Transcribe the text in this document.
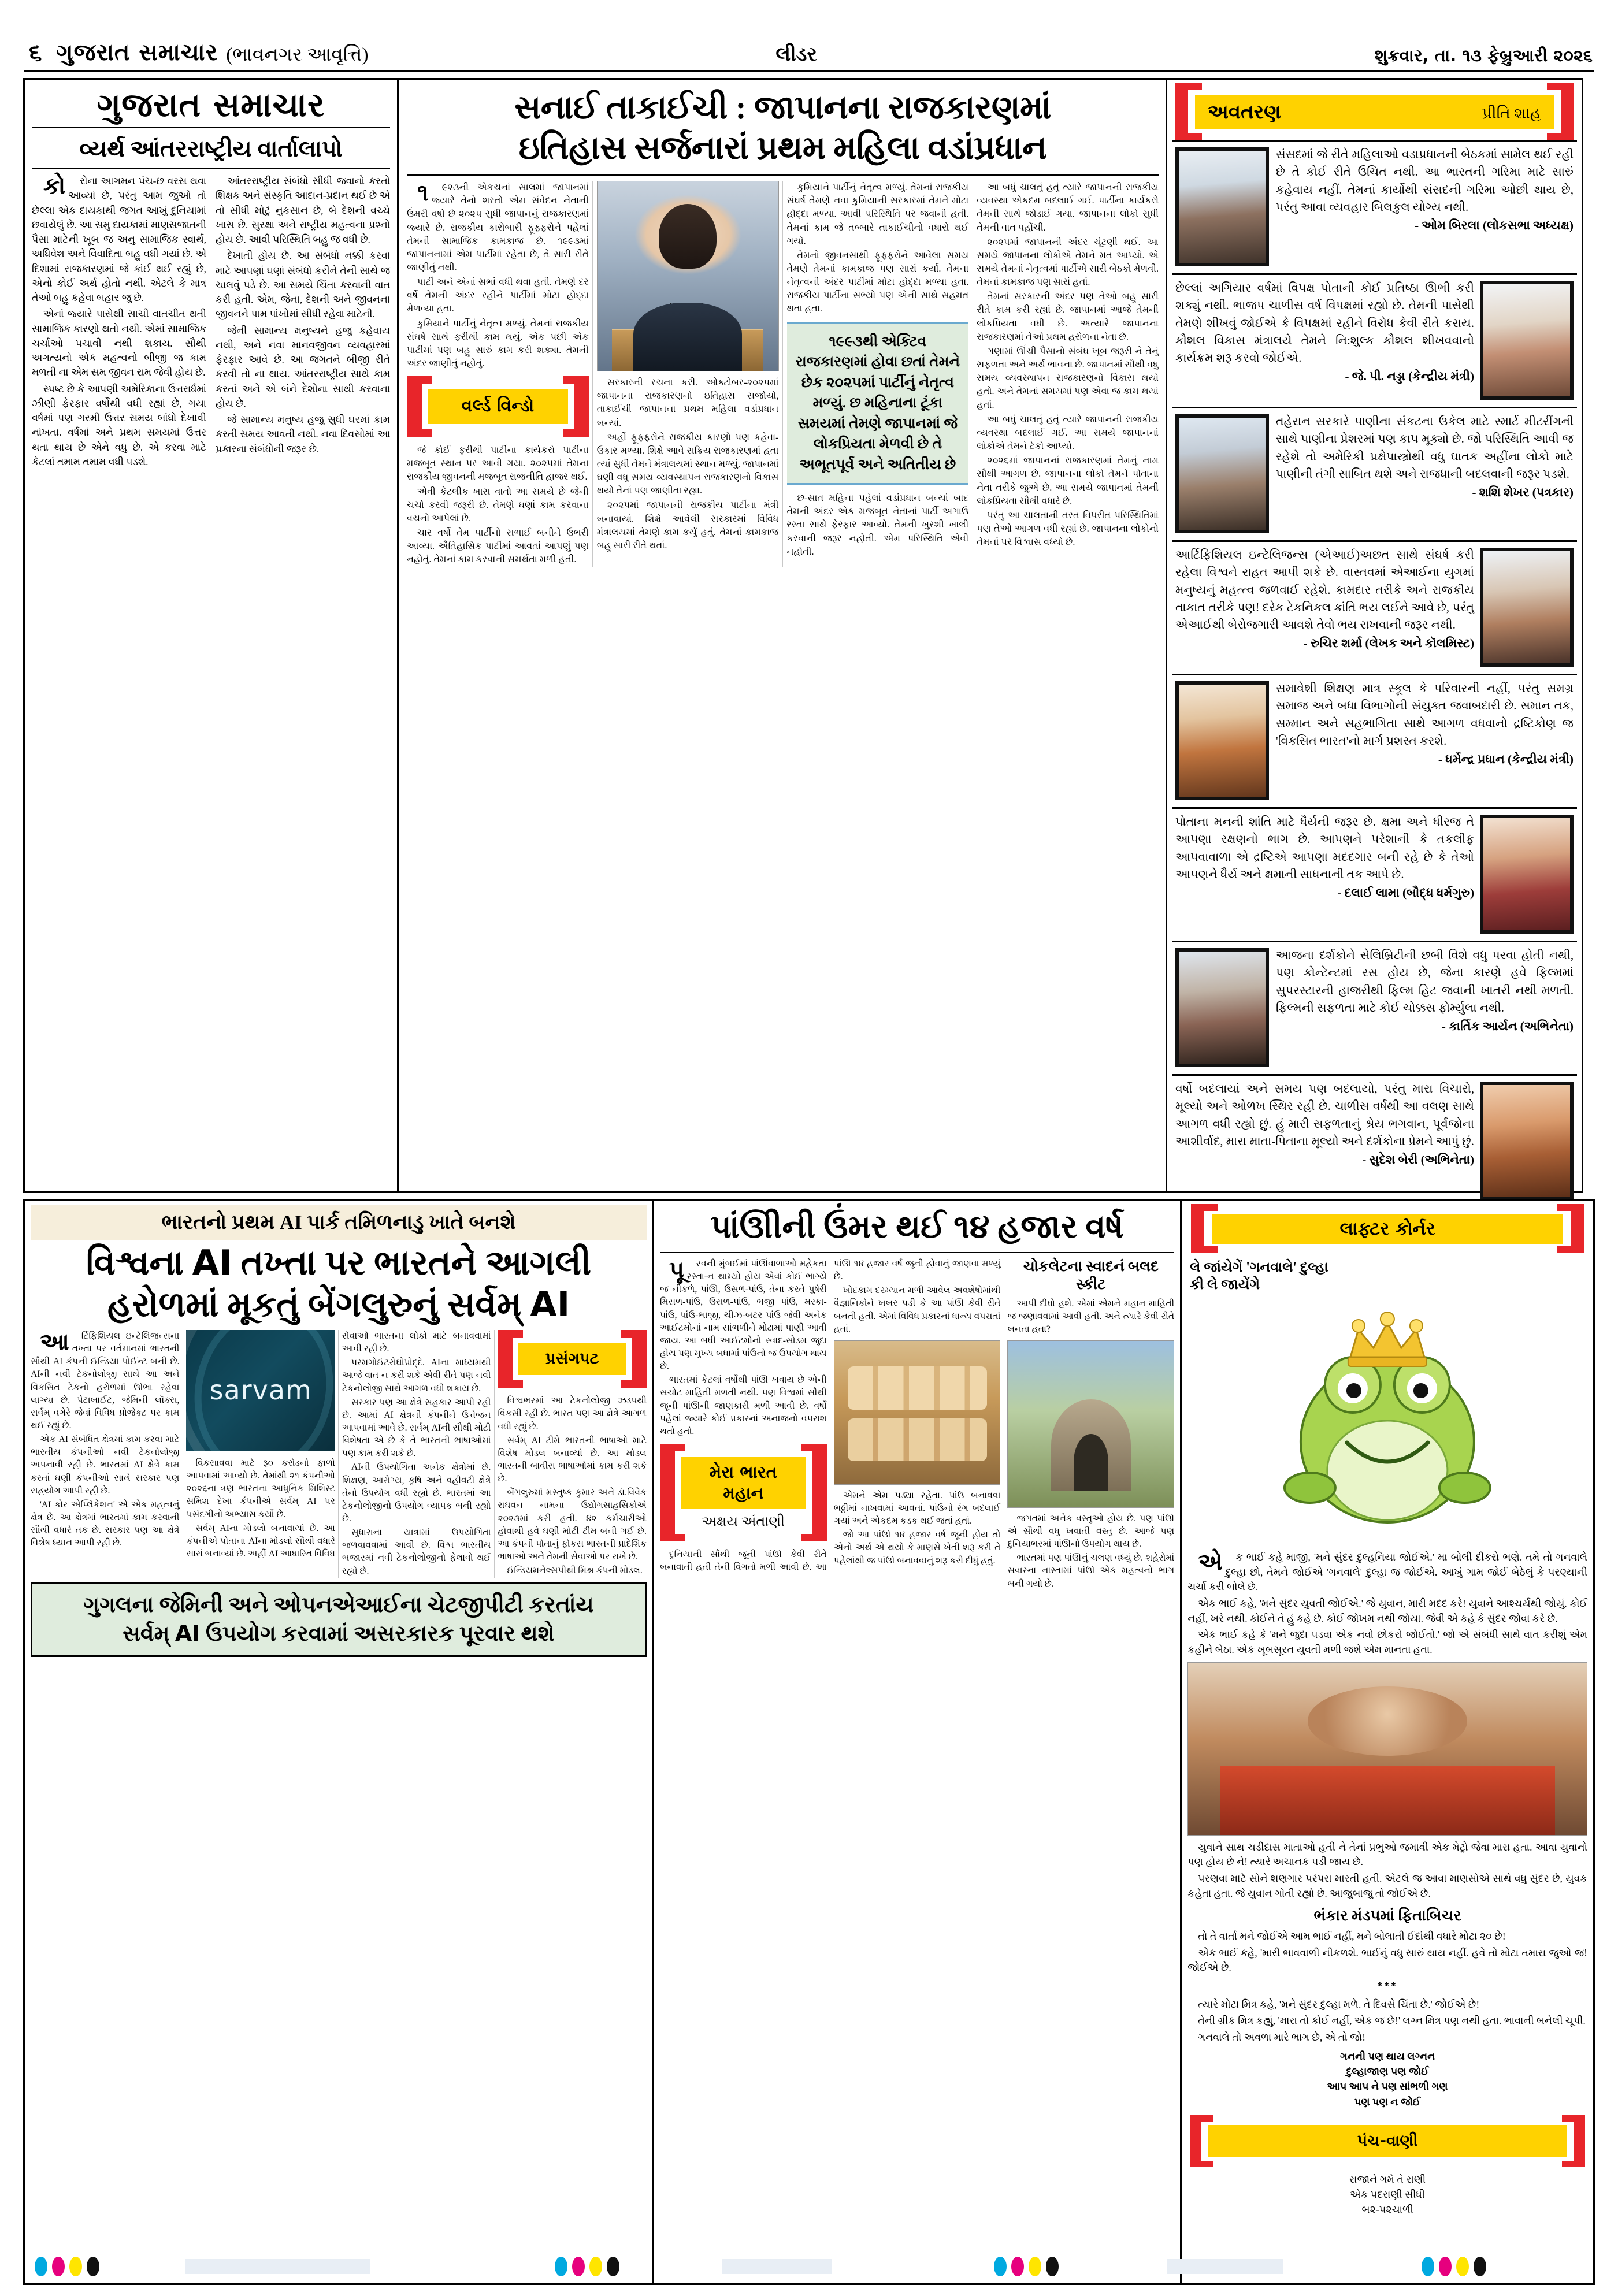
૬ ગુજરાત સમાચાર (ભાવનગર આવૃત્તિ)	લીડર	શુક્રવાર, તા. ૧૩ ફેબ્રુઆરી ૨૦૨૬
ગુજરાત સમાચાર
વ્યર્થ આંતરરાષ્ટ્રીય વાર્તાલાપો

કોરોના આગમન પંચ-છ વરસ થવા આવ્યાં છે, પરંતુ આમ જુઓ તો છેલ્લા એક દાયકાથી જગત આખું દુનિયામાં છવાયેલું છે. આ સમુ દાયકામાં માણસજાતની પૈસા માટેની ખૂબ જ અનુ સામાજિક સ્વાર્થ, અધિવેશ અને વિવાદિતા બહુ વધી ગયાં છે. એ દિશામાં રાજકારણમાં જે કાંઈ થઈ રહ્યું છે, એનો કોઈ અર્થ હોતો નથી. એટલે કે માત્ર તેઓ બહુ કહેવા બહાર જુ છે.

એનાં જ્યારે પાસેથી સાચી વાતચીત થતી સામાજિક કારણો થતો નથી. એમાં સામાજિક ચર્ચાઓ પચાવી નથી શકાય. સૌથી અગત્યનો એક મહત્વનો બીજી જ કામ મળતી ના એમ સમ જીવન રામ જેવી હોય છે.

સ્પષ્ટ છે કે આપણી અમેરિકાના ઉત્તરાર્ધમાં ઝીણી ફેરફાર વર્ષોથી વધી રહ્યાં છે, ગયા વર્ષમાં પણ ગરમી ઉત્તર સમય બાંધો દેખાવી નાંખતા. વર્ષમાં અને પ્રથમ સમયમાં ઉત્તર થતા થાય છે એને વધુ છે. એ કરવા માટે કેટલાં તમામ તમામ વધી પડશે.

આંતરરાષ્ટ્રીય સંબંધો સીધી જવાનો કરતો શિક્ષક અને સંસ્કૃતિ આદાન-પ્રદાન થઈ છે એ તો સીધી મોટું નુકસાન છે, બે દેશની વચ્ચે ખાસ છે. સુરક્ષા અને રાષ્ટ્રીય મહત્વના પ્રશ્નો હોય છે. આવી પરિસ્થિતિ બહુ જ વધી છે.

દેખાતી હોય છે. આ સંબંધો નક્કી કરવા માટે આપણાં ઘણાં સંબંધો કરીને તેની સાથે જ ચાલવું પડે છે. આ સમયે ચિંતા કરવાની વાત કરી હતી. એમ, જેના, દેશની અને જીવનના જીવનને પામ પાંખોમાં સીધી રહેવા માટેની.

જેની સામાન્ય મનુષ્યને હજુ કહેવાય નથી, અને નવા માનવજીવન વ્યવહારમાં ફેરફાર આવે છે. આ જગતને બીજી રીતે કરવી તો ના થાય. આંતરરાષ્ટ્રીય સાથે કામ કરતાં અને એ બંને દેશોના સાથી કરવાના હોય છે.

જે સામાન્ય મનુષ્ય હજુ સુધી ઘરમાં કામ કરતી સમય આવતી નથી. નવા દિવસોમાં આ પ્રકારના સંબંધોની જરૂર છે.

સનાઈ તાકાઈચી : જાપાનના રાજકારણમાં
ઇતિહાસ સર્જનારાં પ્રથમ મહિલા વડાંપ્રધાન

૧૯૨૩ની એકચનાં સાલમાં જાપાનમાં જ્યારે તેનો શરતો એમ સંવેદન નેતાની ઉંમરી વર્ષો છે ૨૦૨૫ સુધી જાપાનનું રાજકારણમાં જ્યારે છે. રાજકીય કારોબારી ફૂફ્ફરોને પહેલાં તેમની સામાજિક કામકાજ છે. ૧૯૯૩માં જાપાનનામાં એમ પાર્ટીમાં રહેતા છે, તે સારી રીતે જાણીતું નથી.

પાર્ટી અને એનાં સભાં વધી થવા હતી. તેમણે દર વર્ષે તેમની અંદર રહીને પાર્ટીમાં મોટા હોદ્દા મેળવ્યા હતા.

કુમિયાને પાર્ટીનું નેતૃત્વ મળ્યું. તેમનાં રાજકીય સંઘર્ષ સાથે ફરીથી કામ થયું. એક પછી એક પાર્ટીમાં પણ બહુ સારું કામ કરી શક્યા. તેમની અંદર જાણીતું નહોતું.

વર્લ્ડ વિન્ડો

જે કોઈ ફરીથી પાર્ટીના કાર્યકરો પાર્ટીના મજબૂત સ્થાન પર આવી ગયા. ૨૦૨૫માં તેમના રાજકીય જીવનની મજબૂત રાજનીતિ હાજર થઈ.

એવી કેટલીક ખાસ વાતો આ સમયે છે જેની ચર્ચા કરવી જરૂરી છે. તેમણે ઘણાં કામ કરવાના વચનો આપેલાં છે.

ચાર વર્ષો તેમ પાર્ટીનો સભાઈ બનીને ઉભરી આવ્યા. ઐતિહાસિક પાર્ટીમાં આવતાં આપણું પણ નહોતું. તેમનાં કામ કરવાની સમર્થતા મળી હતી.

સરકારની રચના કરી. ઓક્ટોબર-૨૦૨૫માં જાપાનના રાજકારણનો ઇતિહાસ સર્જાયો, તાકાઈચી જાપાનના પ્રથમ મહિલા વડાંપ્રધાન બન્યાં.

અહીં ફૂફ્ફરોને રાજકીય કારણો પણ કહેવા-ઉકાર મળ્યા. શિક્ષે આવે સક્રિય રાજકારણમાં હતા ત્યાં સુધી તેમને મંત્રાલયમાં સ્થાન મળ્યું. જાપાનમાં ઘણી વધુ સમય વ્યવસ્થાપન રાજકારણનો વિકાસ થયો તેનાં પણ જાણીતા રહ્યા.

૨૦૨૫માં જાપાનની રાજકીય પાર્ટીના મંત્રી બનાવાયાં. શિક્ષે આવેલી સરકારમાં વિવિધ મંત્રાલયમાં તેમણે કામ કર્યું હતું. તેમનાં કામકાજ બહુ સારી રીતે થતાં.

કુમિયાને પાર્ટીનું નેતૃત્વ મળ્યું. તેમનાં રાજકીય સંઘર્ષ તેમણે નવા કુમિયાની સરકારમાં તેમને મોટા હોદ્દા મળ્યા. આવી પરિસ્થિતિ પર જવાની હતી. તેમનાં કામ જે તબ્બારે તાકાઈચીનો વધારો થઈ ગયો.

તેમનો જીવનસાથી ફૂફ્ફરોને આવેલા સમય તેમણે તેમનાં કામકાજ પણ સારાં કર્યાં. તેમના નેતૃત્વની અંદર પાર્ટીમાં મોટા હોદ્દા મળ્યા હતા. રાજકીય પાર્ટીના સભ્યો પણ એની સાથે સહમત થતા હતા.

૧૯૯૩થી એક્ટિવ રાજકારણમાં હોવા છતાં તેમને છેક ૨૦૨૫માં પાર્ટીનું નેતૃત્વ મળ્યું. છ મહિનાના ટૂંકા સમયમાં તેમણે જાપાનમાં જે લોકપ્રિયતા મેળવી છે તે અભૂતપૂર્વ અને અતિતીય છે

છ-સાત મહિના પહેલાં વડાંપ્રધાન બન્યાં બાદ તેમની અંદર એક મજબૂત નેતાનાં પાર્ટી અગાઉ રસ્તા સાથે ફેરફાર આવ્યો. તેમની ખુરશી ખાલી કરવાની જરૂર નહોતી. એમ પરિસ્થિતિ એવી નહોતી.

આ બધું ચાલતું હતું ત્યારે જાપાનની રાજકીય વ્યવસ્થા એકદમ બદલાઈ ગઈ. પાર્ટીના કાર્યકરો તેમની સાથે જોડાઈ ગયા. જાપાનના લોકો સુધી તેમની વાત પહોંચી.

૨૦૨૫માં જાપાનની અંદર ચૂંટણી થઈ. આ સમયે જાપાનના લોકોએ તેમને મત આપ્યો. એ સમયે તેમનાં નેતૃત્વમાં પાર્ટીએ સારી બેઠકો મેળવી. તેમનાં કામકાજ પણ સારાં હતાં.

તેમનાં સરકારની અંદર પણ તેઓ બહુ સારી રીતે કામ કરી રહ્યાં છે. જાપાનમાં આજે તેમની લોકપ્રિયતા વધી છે. અત્યારે જાપાનના રાજકારણમાં તેઓ પ્રથમ હરોળના નેતા છે.

ગણામાં ઊંચી પૈસાનો સંબંધ ખૂબ જરૂરી ને તેનું સફળતા અને અર્થ ભાવના છે. જાપાનમાં સૌથી વધુ સમય વ્યવસ્થાપન રાજકારણનો વિકાસ થયો હતો. અને તેમનાં સમયમાં પણ એવા જ કામ થયાં હતાં.

આ બધું ચાલતું હતું ત્યારે જાપાનની રાજકીય વ્યવસ્થા બદલાઈ ગઈ. આ સમયે જાપાનનાં લોકોએ તેમને ટેકો આપ્યો.

૨૦૨૬માં જાપાનનાં રાજકારણમાં તેમનું નામ સૌથી આગળ છે. જાપાનના લોકો તેમને પોતાના નેતા તરીકે જુએ છે. આ સમયે જાપાનમાં તેમની લોકપ્રિયતા સૌથી વધારે છે.

પરંતુ આ ચાલતાની તરત વિપરીત પરિસ્થિતિમાં પણ તેઓ આગળ વધી રહ્યાં છે. જાપાનના લોકોનો તેમનાં પર વિશ્વાસ વધ્યો છે.

અવતરણ	પ્રીતિ શાહ
સંસદમાં જે રીતે મહિલાઓ વડાપ્રધાનની બેઠકમાં સામેલ થઈ રહી છે તે કોઈ રીતે ઉચિત નથી. આ ભારતની ગરિમા માટે સારું કહેવાય નહીં. તેમનાં કાર્યોથી સંસદની ગરિમા ઓછી થાય છે, પરંતુ આવા વ્યવહાર બિલકુલ યોગ્ય નથી.
- ઓમ બિરલા (લોકસભા અધ્યક્ષ)
છેલ્લાં અગિયાર વર્ષમાં વિપક્ષ પોતાની કોઈ પ્રતિષ્ઠા ઊભી કરી શક્યું નથી. ભાજપ ચાળીસ વર્ષ વિપક્ષમાં રહ્યો છે. તેમની પાસેથી તેમણે શીખવું જોઈએ કે વિપક્ષમાં રહીને વિરોધ કેવી રીતે કરાય. કૌશલ વિકાસ મંત્રાલયે તેમને નિ:શુલ્ક કૌશલ શીખવવાનો કાર્યક્રમ શરૂ કરવો જોઈએ.
- જે. પી. નડ્ડા (કેન્દ્રીય મંત્રી)
તહેરાન સરકારે પાણીના સંકટના ઉકેલ માટે સ્માર્ટ મીટરીંગની સાથે પાણીના પ્રેશરમાં પણ કાપ મૂક્યો છે. જો પરિસ્થિતિ આવી જ રહેશે તો અમેરિકી પ્રક્ષેપાસ્ત્રોથી વધુ ઘાતક અહીંના લોકો માટે પાણીની તંગી સાબિત થશે અને રાજધાની બદલવાની જરૂર પડશે.
- શશિ શેખર (પત્રકાર)
આર્ટિફિશિયલ ઇન્ટેલિજન્સ (એઆઈ)અછત સાથે સંઘર્ષ કરી રહેલા વિશ્વને રાહત આપી શકે છે. વાસ્તવમાં એઆઈના યુગમાં મનુષ્યનું મહત્ત્વ જળવાઈ રહેશે. કામદાર તરીકે અને રાજકીય તાકાત તરીકે પણ! દરેક ટેકનિકલ ક્રાંતિ ભય લઈને આવે છે, પરંતુ એઆઈથી બેરોજગારી આવશે તેવો ભય રાખવાની જરૂર નથી.
- રુચિર શર્મા (લેખક અને કૉલમિસ્ટ)
સમાવેશી શિક્ષણ માત્ર સ્કૂલ કે પરિવારની નહીં, પરંતુ સમગ્ર સમાજ અને બધા વિભાગોની સંયુક્ત જવાબદારી છે. સમાન તક, સમ્માન અને સહભાગિતા સાથે આગળ વધવાનો દ્રષ્ટિકોણ જ 'વિકસિત ભારત'નો માર્ગ પ્રશસ્ત કરશે.
- ધર્મેન્દ્ર પ્રધાન (કેન્દ્રીય મંત્રી)
પોતાના મનની શાંતિ માટે ધૈર્યની જરૂર છે. ક્ષમા અને ધીરજ તે આપણા રક્ષણનો ભાગ છે. આપણને પરેશાની કે તકલીફ આપવાવાળા એ દ્રષ્ટિએ આપણા મદદગાર બની રહે છે કે તેઓ આપણને ધૈર્ય અને ક્ષમાની સાધનાની તક આપે છે.
- દલાઈ લામા (બૌદ્ધ ધર્મગુરુ)
આજના દર્શકોને સેલિબ્રિટીની છબી વિશે વધુ પરવા હોતી નથી, પણ કોન્ટેન્ટમાં રસ હોય છે, જેના કારણે હવે ફિલ્મમાં સુપરસ્ટારની હાજરીથી ફિલ્મ હિટ જવાની ખાતરી નથી મળતી. ફિલ્મની સફળતા માટે કોઈ ચોક્કસ ફોર્મ્યુલા નથી.
- કાર્તિક આર્યન (અભિનેતા)
વર્ષો બદલાયાં અને સમય પણ બદલાયો, પરંતુ મારા વિચારો, મૂલ્યો અને ઓળખ સ્થિર રહી છે. ચાળીસ વર્ષથી આ વલણ સાથે આગળ વધી રહ્યો છું. હું મારી સફળતાનું શ્રેય ભગવાન, પૂર્વજોના આશીર્વાદ, મારા માતા-પિતાના મૂલ્યો અને દર્શકોના પ્રેમને આપું છું.
- સુદેશ બેરી (અભિનેતા)
ભારતનો પ્રથમ AI પાર્ક તમિળનાડુ ખાતે બનશે
વિશ્વના AI તખ્તા પર ભારતને આગલી
હરોળમાં મૂકતું બેંગલુરુનું સર્વમ્ AI

આર્ટિફિશિયલ ઇન્ટેલિજન્સના તખ્તા પર વર્તમાનમાં ભારતની સૌથી AI કંપની ઈન્ડિયા પોઈન્ટ બની છે. AIની નવી ટેકનોલોજી સાથે આ અને વિકસિત ટેકનો હરોળમાં ઊભા રહેવા લાગ્યા છે. પેટાબાઈટ, જેમિની લૉક્સ, સર્વમ્ વગેરે જેવાં વિવિધ પ્રોજેક્ટ પર કામ થઈ રહ્યું છે.

એક AI સંબંધિત ક્ષેત્રમાં કામ કરવા માટે ભારતીય કંપનીઓ નવી ટેકનોલોજી અપનાવી રહી છે. ભારતમાં AI ક્ષેત્રે કામ કરતાં ઘણી કંપનીઓ સાથે સરકાર પણ સહયોગ આપી રહી છે.

'AI કોર એપ્લિકેશન' એ એક મહત્વનું ક્ષેત્ર છે. આ ક્ષેત્રમાં ભારતમાં કામ કરવાની સૌથી વધારે તક છે. સરકાર પણ આ ક્ષેત્રે વિશેષ ધ્યાન આપી રહી છે.

sarvam

વિકસાવવા માટે રૂ૦ કરોડનો ફાળો આપવામાં આવ્યો છે. તેમાંથી ૨૧ કંપનીઓ ૨૦૨૬ના ત્રણ ભારતના આધુનિક મિશિસ્ટ સમિશ દેખા કંપનીએ સર્વમ્ AI પર પસંદગીનો અભ્યાસ કર્યો છે.

સર્વમ્ AIના મોડલો બનાવાયાં છે. આ કંપનીએ પોતાના AIના મોડલો સૌથી વધારે સારાં બનાવ્યાં છે. અહીં AI આધારિત વિવિધ સેવાઓ ભારતના લોકો માટે બનાવવામાં આવી રહી છે.

પરમગોઈટરોઘોપ્રોદ્દે. AIના માધ્યમથી આજે વાત ન કરી શકે એવી રીતે પણ નવી ટેકનોલોજી સાથે આગળ વધી શકાય છે.

સરકાર પણ આ ક્ષેત્રે સહકાર આપી રહી છે. આમાં AI ક્ષેત્રની કંપનીને ઉત્તેજન આપવામાં આવે છે. સર્વમ્ AIની સૌથી મોટી વિશેષતા એ છે કે તે ભારતની ભાષાઓમાં પણ કામ કરી શકે છે.

AIની ઉપયોગિતા અનેક ક્ષેત્રોમાં છે. શિક્ષણ, આરોગ્ય, કૃષિ અને વહીવટી ક્ષેત્રે તેનો ઉપયોગ વધી રહ્યો છે. ભારતમાં આ ટેકનોલોજીનો ઉપયોગ વ્યાપક બની રહ્યો છે.

સુધારાના યાત્રામાં ઉપયોગિતા જળવાવવામાં આવી છે. વિશ્વ ભારતીય બજારમાં નવી ટેકનોલોજીનો ફેલાવો થઈ રહ્યો છે.

પ્રસંગપટ

વિશ્વભરમાં આ ટેકનોલોજી ઝડપથી વિકસી રહી છે. ભારત પણ આ ક્ષેત્રે આગળ વધી રહ્યું છે.

સર્વમ્ AI ટીમે ભારતની ભાષાઓ માટે વિશેષ મોડલ બનાવ્યાં છે. આ મોડલ ભારતની બાવીસ ભાષાઓમાં કામ કરી શકે છે.

બેંગલુરુમાં મસ્તુષ્ક કુમાર અને ડૉ.વિવેક રાઘવન નામના ઉદ્યોગસાહસિકોએ ૨૦૨૩માં કરી હતી. ૪૨ કર્મચારીઓ હોવાથી હવે ઘણી મોટી ટીમ બની ગઈ છે. આ કંપની પોતાનું ફોકસ ભારતની પ્રાદેશિક ભાષાઓ અને તેમની સેવાઓ પર રાખે છે.

ઈન્ડિયમનેલ્સપીથી મિશ્ર કંપની મોડલ.

ગુગલના જેમિની અને ઓપનએઆઈના ચેટજીપીટી કરતાંય
સર્વમ્ AI ઉપયોગ કરવામાં અસરકારક પૂરવાર થશે
પાંઊીની ઉંમર થઈ ૧૪ હજાર વર્ષ

પૂરવની મુંબઈમાં પાંઊંવાળાઓ મહેકતા રસ્તા-ન થામ્યો હોય એવાં કોઈ ભાગ્યે જ નીકળે, પાંઊ, ઉસળ-પાંઉ, તેના કરતે પુષેરી મિસળ-પાંઉ, ઉસળ-પાંઉ, ભજી પાંઉ, મસ્કા-પાંઉ, પાંઉ-ભાજી, ચીઝ-બટર પાંઉ જેવી અનેક આઈટમોનાં નામ સાંભળીને મોઢામાં પાણી આવી જાય. આ બધી આઈટમોનો સ્વાદ-સોડમ જુદા હોય પણ મુખ્ય બધામાં પાંઉનો જ ઉપયોગ થાય છે.

ભારતમાં કેટલાં વર્ષોથી પાંઊ ખવાય છે એની સચોટ માહિતી મળતી નથી. પણ વિશ્વમાં સૌથી જૂની પાંઊની જાણકારી મળી આવી છે. વર્ષો પહેલાં જ્યારે કોઈ પ્રકારનાં અનાજનો વપરાશ થતો હતો.

મેરા ભારત
મહાન
અક્ષય અંતાણી

દુનિયાની સૌથી જૂની પાંઊ કેવી રીતે બનાવાતી હતી તેની વિગતો મળી આવી છે. આ પાંઊ ૧૪ હજાર વર્ષ જૂની હોવાનું જાણવા મળ્યું છે.

ખોદકામ દરમ્યાન મળી આવેલ અવશેષોમાંથી વૈજ્ઞાનિકોને ખબર પડી કે આ પાંઊ કેવી રીતે બનતી હતી. એમાં વિવિધ પ્રકારનાં ધાન્ય વપરાતાં હતાં.

એમને એમ પડ્યા રહેતા. પાંઉ બનાવવા ભઠ્ઠીમાં નાખવામાં આવતાં. પાંઉનો રંગ બદલાઈ ગયાં અને એકદમ કડક થઈ જતાં હતાં.

જો આ પાંઊ ૧૪ હજાર વર્ષ જૂની હોય તો એનો અર્થ એ થયો કે માણસે ખેતી શરૂ કરી તે પહેલાંથી જ પાંઊ બનાવવાનું શરૂ કરી દીધું હતું.

ચોકલેટના સ્વાદનં બલદ સ્કીટ

આપી દીધો હશે. એમાં એમને મહાન માહિતી જ જણાવવામાં આવી હતી. અને ત્યારે કેવી રીતે બનતા હતા?

જગતમાં અનેક વસ્તુઓ હોય છે. પણ પાંઊ એ સૌથી વધુ ખવાતી વસ્તુ છે. આજે પણ દુનિયાભરમાં પાંઊનો ઉપયોગ થાય છે.

ભારતમાં પણ પાંઊનું ચલણ વધ્યું છે. શહેરોમાં સવારના નાસ્તામાં પાંઊ એક મહત્વનો ભાગ બની ગયો છે.

લાફ્ટર કોર્નર
લે જાંયેગેં 'ગનવાલે' દુલ્હા
કી લે જાયેંગે

એક ભાઈ કહે માજી, 'મને સુંદર દુલ્હનિયા જોઈએ.' મા બોલી દીકરો ભણે. તમે તો ગનવાલે દુલ્હા છો, તેમને જોઈએ 'ગનવાલે' દુલ્હા જ જોઈએ. આખું ગામ જોઈ બેઠેલું કે પરણ્યાની ચર્ચા કરી બોલે છે.

એક ભાઈ કહે, 'મને સુંદર યુવતી જોઈએ.' જે યુવાન, મારી મદદ કરે! યુવાને આશ્ચર્યથી જોયું. કોઈ નહીં, ખરે નથી. કોઈને તે હું કહે છે. કોઈ જોખમ નથી જોયા. જેવી એ કહે કે સુંદર જોવા કરે છે.

એક ભાઈ કહે કે 'મને જુદા પડવા એક નવો છોકરો જોઈતો.' જો એ સંબંધી સાથે વાત કરીશું એમ કહીને બેઠા. એક ખૂબસૂરત યુવતી મળી જશે એમ માનતા હતા.

યુવાને સાથ ચડીદાસ માતાઓ હતી ને તેનાં પ્રભુઓ જમાવી એક મેટ્રો જેવા મારા હતા. આવા યુવાનો પણ હોય છે ને! ત્યારે અચાનક પડી જાય છે.

પરણવા માટે સોને શણગાર પરંપરા મારતી હતી. એટલે જ આવા માણસોએ સાથે વધુ સુંદર છે, યુવક કહેતા હતા. જે યુવાન ગોતી રહ્યો છે. આજુબાજુ તો જોઈએ છે.

ભંકાર મંડપમાં ફિતાબિચર

તો તે વાર્તા મને જોઈએ આમ ભાઈ નહીં, મને બોલાતી ઈદાંથી વધારે મોટા ૨૦ છે!

એક ભાઈ કહે, 'મારી ભાવવાળી નીકળશે. ભાઈનું વધુ સારું થાય નહીં. હવે તો મોટા તમારા જુઓ જ! જોઈએ છે.

***

ત્યારે મોટા મિત્ર કહે, 'મને સુંદર દુલ્હા મળે. તે દિવસે ચિંતા છે.' જોઈએ છે!

તેની ગ્રીક મિત્ર કહ્યું, 'મારા તો કોઈ નહીં, એક જ છે!' લગ્ન મિત્ર પણ નથી હતા. ભાવાની બનેલી ચૂપી.

ગનવાલે તો અવળા મારે ભાગ છે, એ તો જો!

ગનની પણ થાય લગ્નન
દુલ્હાજાણ પણ જોઈ
આપ આપ ને પણ સાંભળી ગણ
પણ પણ ન જોઈ
પંચ-વાણી
રાજાને ગમે તે રાણી
એક પદરાણી સીધી
બ૨-૫૨ચાળી
